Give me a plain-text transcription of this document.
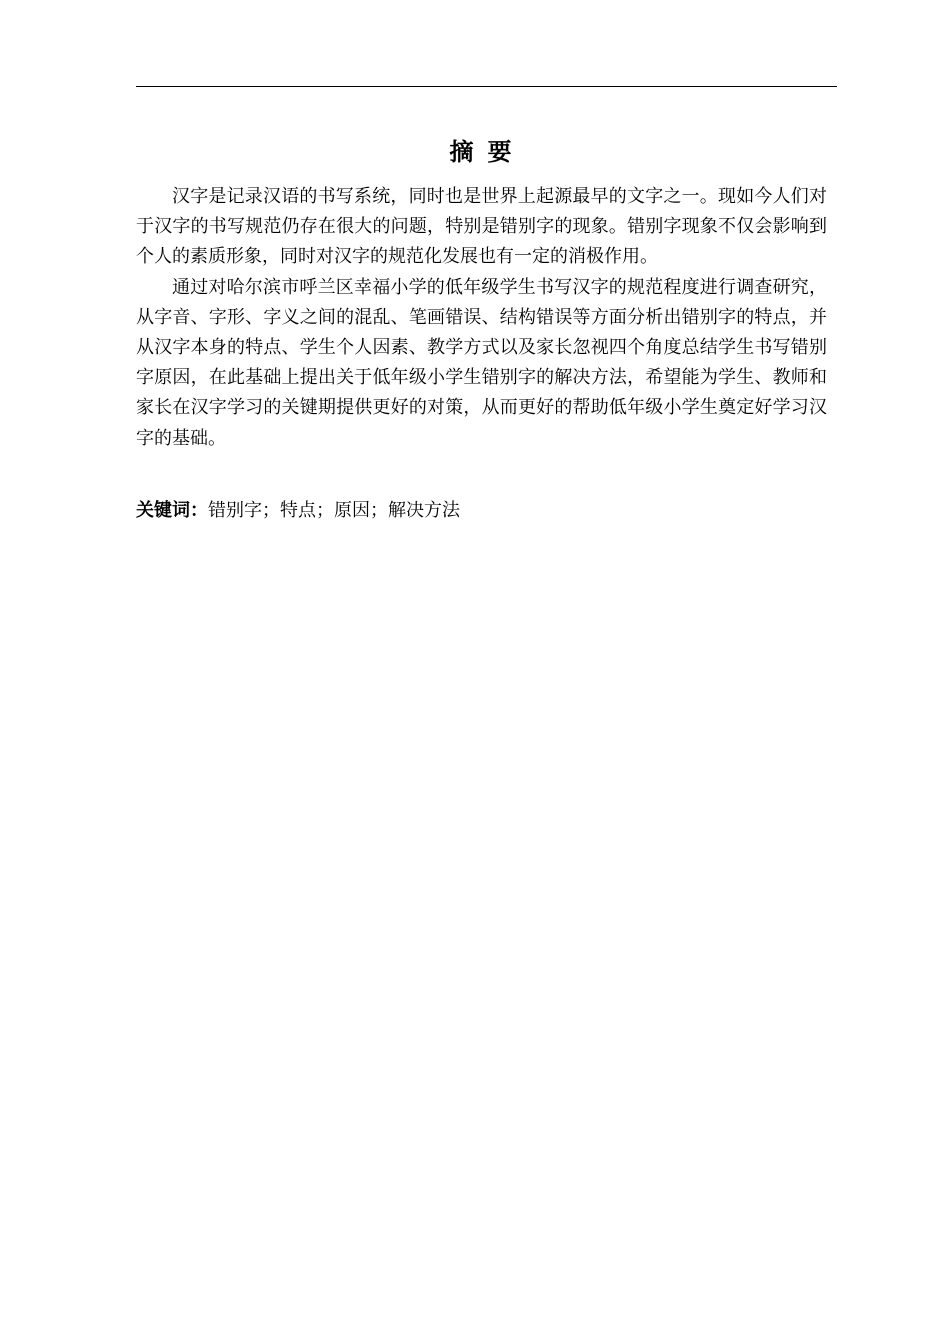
摘要

汉字是记录汉语的书写系统，同时也是世界上起源最早的文字之一。现如今人们对于汉字的书写规范仍存在很大的问题，特别是错别字的现象。错别字现象不仅会影响到个人的素质形象，同时对汉字的规范化发展也有一定的消极作用。

通过对哈尔滨市呼兰区幸福小学的低年级学生书写汉字的规范程度进行调查研究，从字音、字形、字义之间的混乱、笔画错误、结构错误等方面分析出错别字的特点，并从汉字本身的特点、学生个人因素、教学方式以及家长忽视四个角度总结学生书写错别字原因，在此基础上提出关于低年级小学生错别字的解决方法，希望能为学生、教师和家长在汉字学习的关键期提供更好的对策，从而更好的帮助低年级小学生奠定好学习汉字的基础。

关键词：错别字；特点；原因；解决方法
